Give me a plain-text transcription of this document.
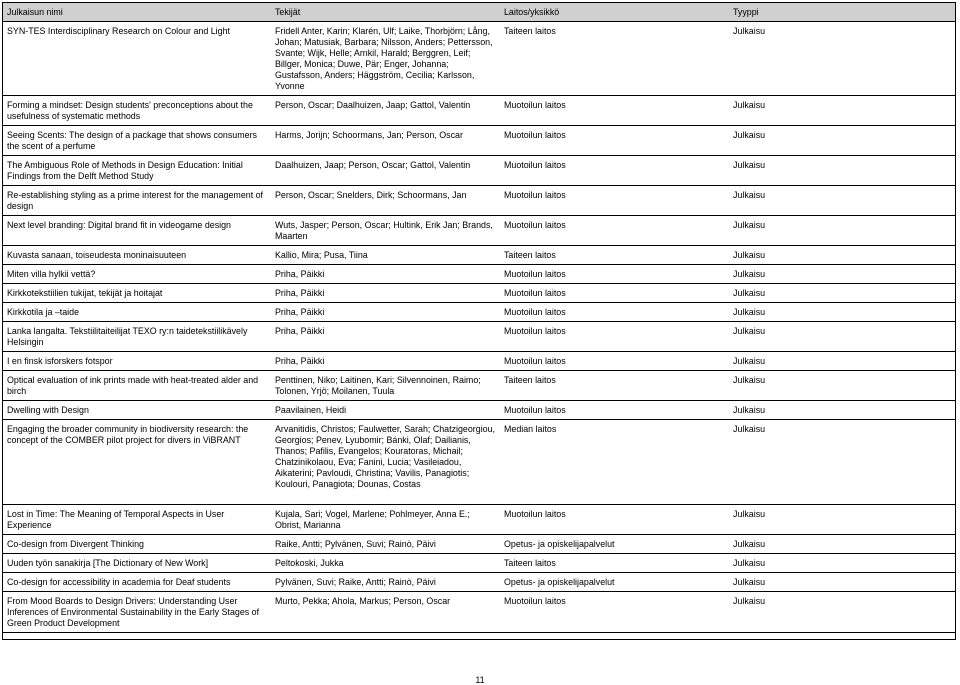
Julkaisun nimi	Tekijät	Laitos/yksikkö	Tyyppi
SYN-TES Interdisciplinary Research on Colour and Light	Fridell Anter, Karin; Klarén, Ulf; Laike, Thorbjörn; Lång, Johan; Matusiak, Barbara; Nilsson, Anders; Pettersson, Svante; Wijk, Helle; Arnkil, Harald; Berggren, Leif; Billger, Monica; Duwe, Pär; Enger, Johanna; Gustafsson, Anders; Häggström, Cecilia; Karlsson, Yvonne	Taiteen laitos	Julkaisu
Forming a mindset: Design students' preconceptions about the usefulness of systematic methods	Person, Oscar; Daalhuizen, Jaap; Gattol, Valentin	Muotoilun laitos	Julkaisu
Seeing Scents: The design of a package that shows consumers the scent of a perfume	Harms, Jorijn; Schoormans, Jan; Person, Oscar	Muotoilun laitos	Julkaisu
The Ambiguous Role of Methods in Design Education: Initial Findings from the Delft Method Study	Daalhuizen, Jaap; Person, Oscar; Gattol, Valentin	Muotoilun laitos	Julkaisu
Re-establishing styling as a prime interest for the management of design	Person, Oscar; Snelders, Dirk; Schoormans, Jan	Muotoilun laitos	Julkaisu
Next level branding: Digital brand fit in videogame design	Wuts, Jasper; Person, Oscar; Hultink, Erik Jan; Brands, Maarten	Muotoilun laitos	Julkaisu
Kuvasta sanaan, toiseudesta moninaisuuteen	Kallio, Mira; Pusa, Tiina	Taiteen laitos	Julkaisu
Miten villa hylkii vettä?	Priha, Päikki	Muotoilun laitos	Julkaisu
Kirkkotekstiilien tukijat, tekijät ja hoitajat	Priha, Päikki	Muotoilun laitos	Julkaisu
Kirkkotila ja –taide	Priha, Päikki	Muotoilun laitos	Julkaisu
Lanka langalta. Tekstiilitaiteilijat TEXO ry:n taidetekstiilikävely Helsingin	Priha, Päikki	Muotoilun laitos	Julkaisu
I en finsk isforskers fotspor	Priha, Päikki	Muotoilun laitos	Julkaisu
Optical evaluation of ink prints made with heat-treated alder and birch	Penttinen, Niko; Laitinen, Kari; Silvennoinen, Raimo; Tolonen, Yrjö; Moilanen, Tuula	Taiteen laitos	Julkaisu
Dwelling with Design	Paavilainen, Heidi	Muotoilun laitos	Julkaisu
Engaging the broader community in biodiversity research: the concept of the COMBER pilot project for divers in ViBRANT	Arvanitidis, Christos; Faulwetter, Sarah; Chatzigeorgiou, Georgios; Penev, Lyubomir; Bánki, Olaf; Dailianis, Thanos; Pafilis, Evangelos; Kouratoras, Michail; Chatzinikolaou, Eva; Fanini, Lucia; Vasileiadou, Aikaterini; Pavloudi, Christina; Vavilis, Panagiotis; Koulouri, Panagiota; Dounas, Costas	Median laitos	Julkaisu
Lost in Time: The Meaning of Temporal Aspects in User Experience	Kujala, Sari; Vogel, Marlene; Pohlmeyer, Anna E.; Obrist, Marianna	Muotoilun laitos	Julkaisu
Co-design from Divergent Thinking	Raike, Antti; Pylvänen, Suvi; Rainò, Päivi	Opetus- ja opiskelijapalvelut	Julkaisu
Uuden työn sanakirja [The Dictionary of New Work]	Peltokoski, Jukka	Taiteen laitos	Julkaisu
Co-design for accessibility in academia for Deaf students	Pylvänen, Suvi; Raike, Antti; Rainò, Päivi	Opetus- ja opiskelijapalvelut	Julkaisu
From Mood Boards to Design Drivers: Understanding User Inferences of Environmental Sustainability in the Early Stages of Green Product Development	Murto, Pekka; Ahola, Markus; Person, Oscar	Muotoilun laitos	Julkaisu
11
